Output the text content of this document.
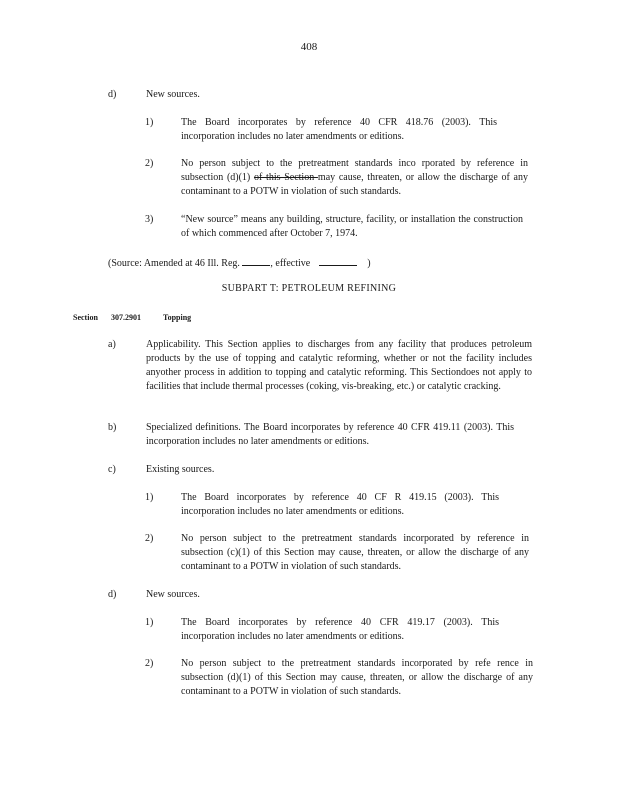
408
d)	New sources.
1)	The Board incorporates by reference 40 CFR 418.76 (2003). This incorporation includes no later amendments or editions.
2)	No person subject to the pretreatment standards inco rporated by reference in subsection (d)(1) of this Section may cause, threaten, or allow the discharge of any contaminant to a POTW in violation of such standards.
3)	“New source” means any building, structure, facility, or installation the construction of which commenced after October 7, 1974.
(Source: Amended at 46 Ill. Reg.	, effective	)
SUBPART T: PETROLEUM REFINING
Section 307.2901	Topping
a)	Applicability. This Section applies to discharges from any facility that produces petroleum products by the use of topping and catalytic reforming, whether or not the facility includes anyother process in addition to topping and catalytic reforming. This Sectiondoes not apply to facilities that include thermal processes (coking, vis-breaking, etc.) or catalytic cracking.
b)	Specialized definitions. The Board incorporates by reference 40 CFR 419.11 (2003). This incorporation includes no later amendments or editions.
c)	Existing sources.
1)	The Board incorporates by reference 40 CF R 419.15 (2003). This incorporation includes no later amendments or editions.
2)	No person subject to the pretreatment standards incorporated by reference in subsection (c)(1) of this Section may cause, threaten, or allow the discharge of any contaminant to a POTW in violation of such standards.
d)	New sources.
1)	The Board incorporates by reference 40 CFR 419.17 (2003). This incorporation includes no later amendments or editions.
2)	No person subject to the pretreatment standards incorporated by refe rence in subsection (d)(1) of this Section may cause, threaten, or allow the discharge of any contaminant to a POTW in violation of such standards.
